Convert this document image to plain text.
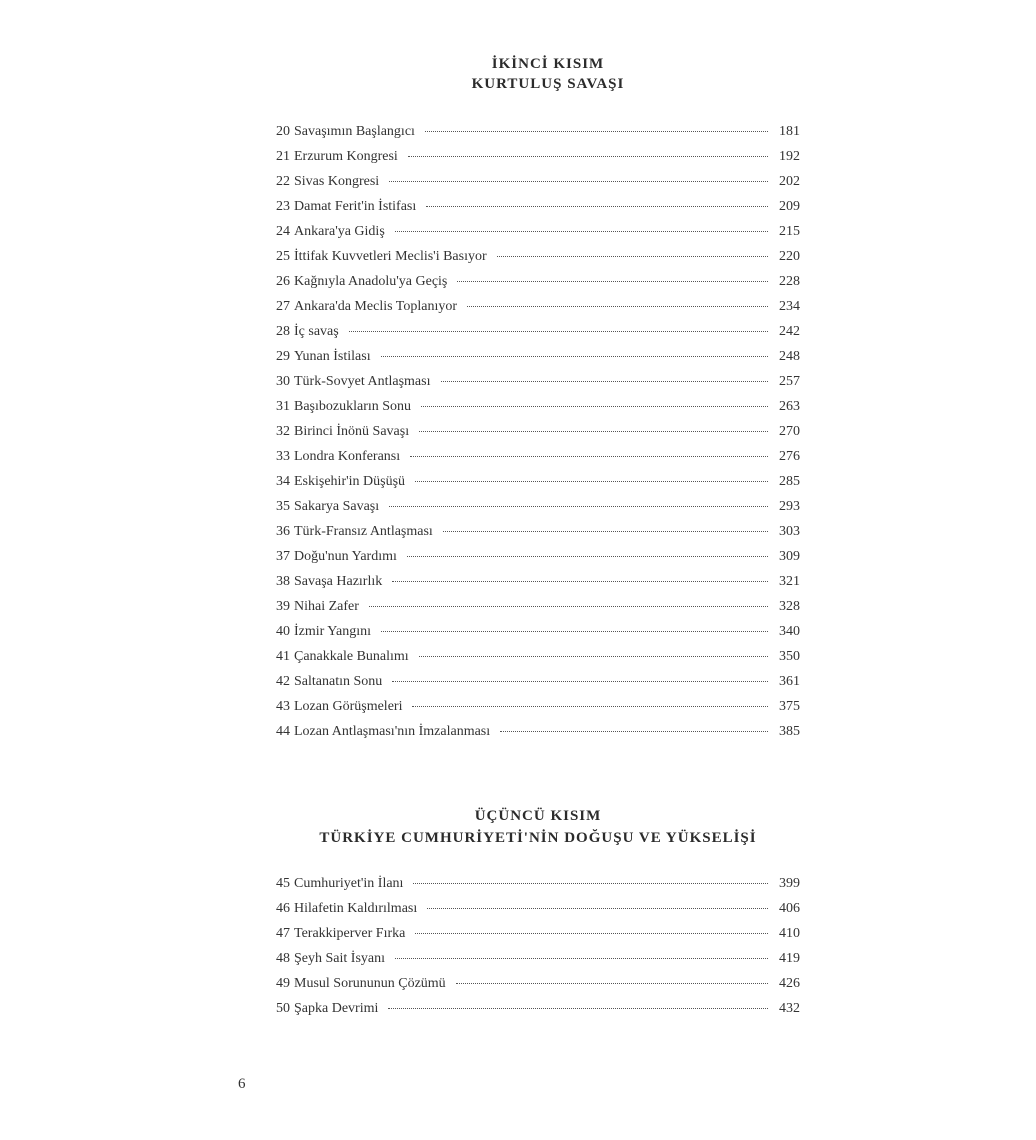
İKİNCİ KISIM
KURTULUŞ SAVAŞI
20 Savaşımın Başlangıcı	181
21 Erzurum Kongresi	192
22 Sivas Kongresi	202
23 Damat Ferit'in İstifası	209
24 Ankara'ya Gidiş	215
25 İttifak Kuvvetleri Meclis'i Basıyor	220
26 Kağnıyla Anadolu'ya Geçiş	228
27 Ankara'da Meclis Toplanıyor	234
28 İç savaş	242
29 Yunan İstilası	248
30 Türk-Sovyet Antlaşması	257
31 Başıbozukların Sonu	263
32 Birinci İnönü Savaşı	270
33 Londra Konferansı	276
34 Eskişehir'in Düşüşü	285
35 Sakarya Savaşı	293
36 Türk-Fransız Antlaşması	303
37 Doğu'nun Yardımı	309
38 Savaşa Hazırlık	321
39 Nihai Zafer	328
40 İzmir Yangını	340
41 Çanakkale Bunalımı	350
42 Saltanatın Sonu	361
43 Lozan Görüşmeleri	375
44 Lozan Antlaşması'nın İmzalanması	385
ÜÇÜNCÜ KISIM
TÜRKİYE CUMHURİYETİ'NİN DOĞUŞU VE YÜKSELİŞİ
45 Cumhuriyet'in İlanı	399
46 Hilafetin Kaldırılması	406
47 Terakkiperver Fırka	410
48 Şeyh Sait İsyanı	419
49 Musul Sorununun Çözümü	426
50 Şapka Devrimi	432
6
